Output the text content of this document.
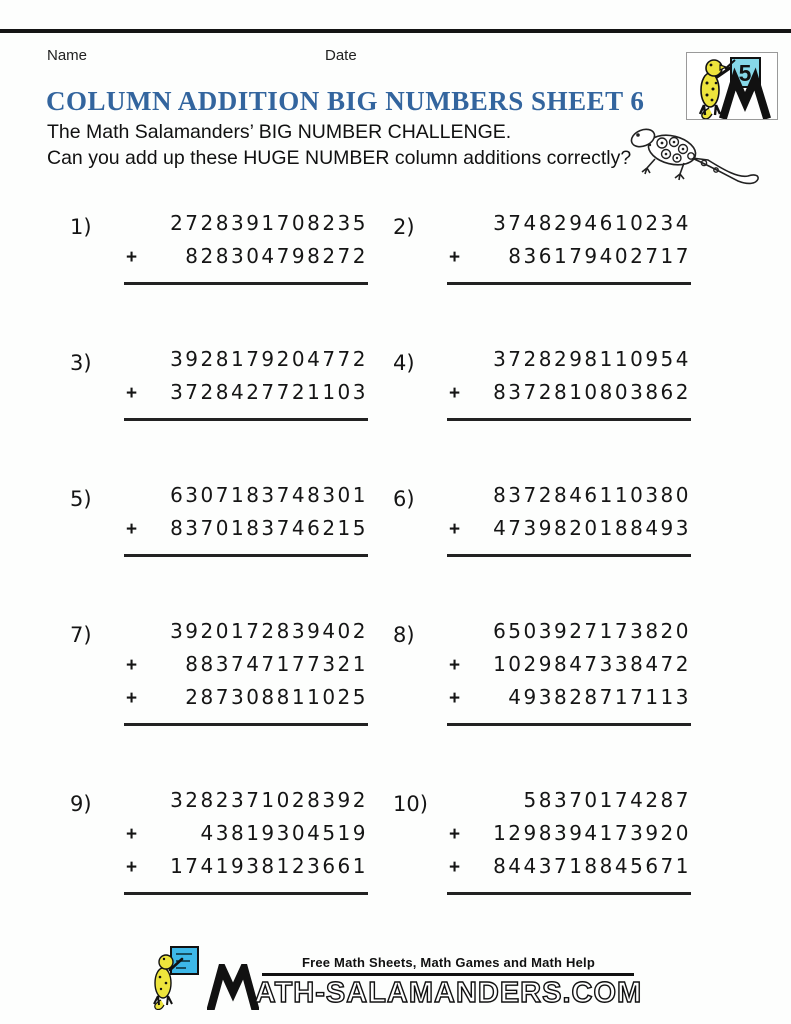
Name	Date
5
COLUMN ADDITION BIG NUMBERS SHEET 6

The Math Salamanders’ BIG NUMBER CHALLENGE.

Can you add up these HUGE NUMBER column additions correctly?

1)	2728391708235
+ 828304798272
2)	3748294610234
+ 836179402717
3)	3928179204772
+ 3728427721103
4)	3728298110954
+ 8372810803862
5)	6307183748301
+ 8370183746215
6)	8372846110380
+ 4739820188493
7)	3920172839402
+ 883747177321
+ 287308811025
8)	6503927173820
+ 1029847338472
+ 493828717113
9)	3282371028392
+	43819304519
+ 1741938123661
10)	58370174287
+ 1298394173920
+ 8443718845671
Free Math Sheets, Math Games and Math Help
ATH-SALAMANDERS.COM
